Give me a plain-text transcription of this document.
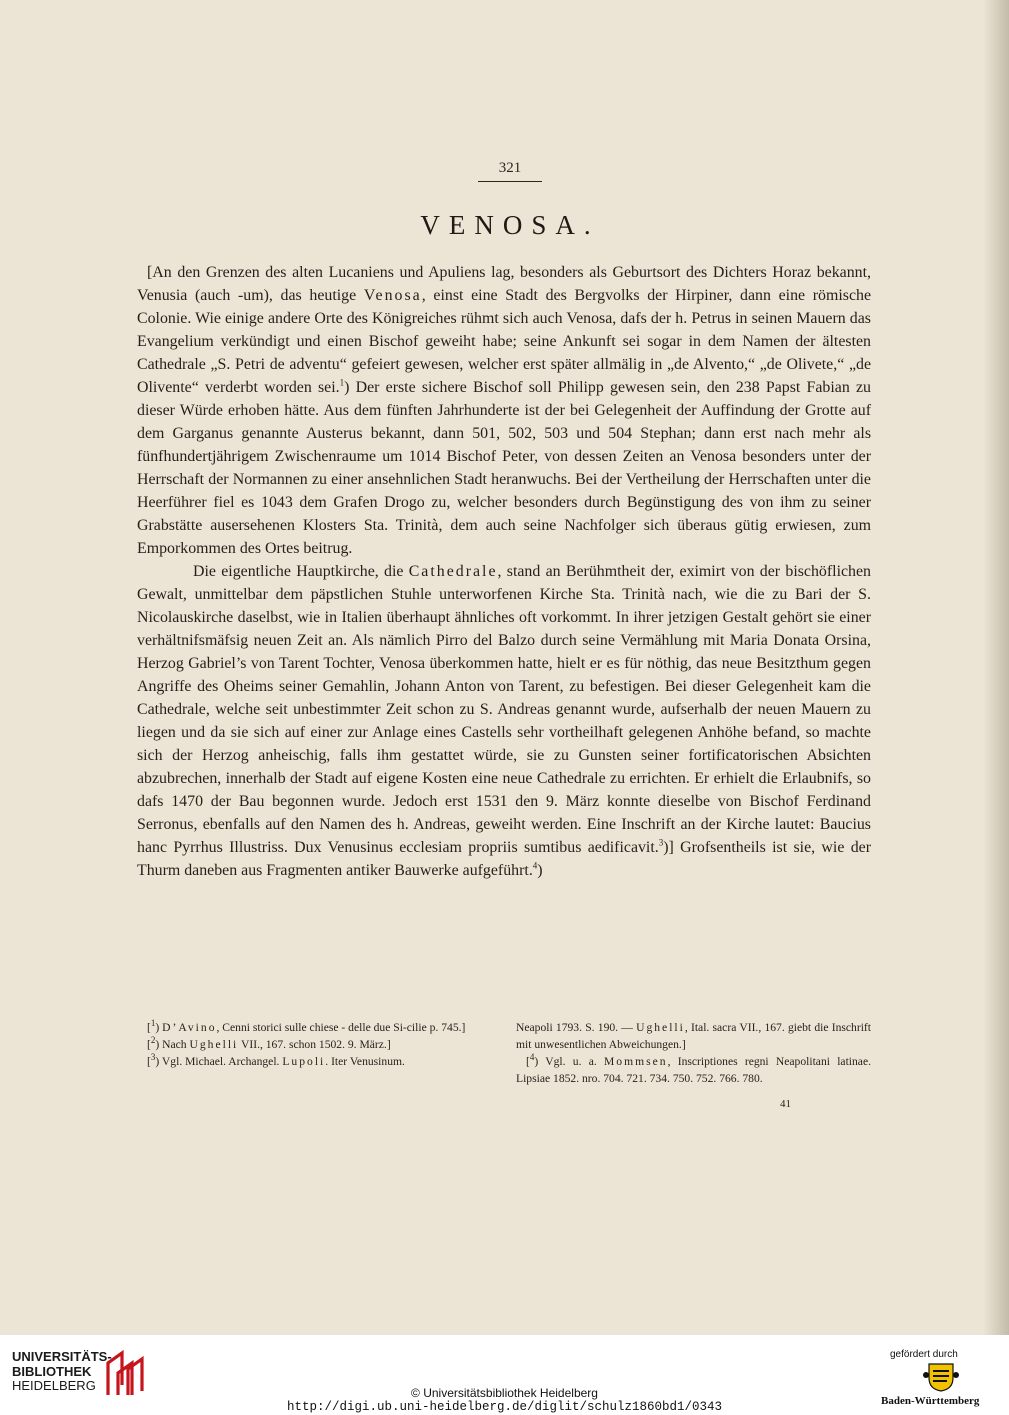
321
VENOSA.

[An den Grenzen des alten Lucaniens und Apuliens lag, besonders als Geburtsort des Dichters Horaz bekannt, Venusia (auch -um), das heutige Venosa, einst eine Stadt des Bergvolks der Hirpiner, dann eine römische Colonie. Wie einige andere Orte des Königreiches rühmt sich auch Venosa, dafs der h. Petrus in seinen Mauern das Evangelium verkündigt und einen Bischof geweiht habe; seine Ankunft sei sogar in dem Namen der ältesten Cathedrale „S. Petri de adventu“ gefeiert gewesen, welcher erst später allmälig in „de Alvento,“ „de Olivete,“ „de Olivente“ verderbt worden sei.$^1$) Der erste sichere Bischof soll Philipp gewesen sein, den 238 Papst Fabian zu dieser Würde erhoben hätte. Aus dem fünften Jahrhunderte ist der bei Gelegenheit der Auffindung der Grotte auf dem Garganus genannte Austerus bekannt, dann 501, 502, 503 und 504 Stephan; dann erst nach mehr als fünfhundertjährigem Zwischenraume um 1014 Bischof Peter, von dessen Zeiten an Venosa besonders unter der Herrschaft der Normannen zu einer ansehnlichen Stadt heranwuchs. Bei der Vertheilung der Herrschaften unter die Heerführer fiel es 1043 dem Grafen Drogo zu, welcher besonders durch Begünstigung des von ihm zu seiner Grabstätte ausersehenen Klosters Sta. Trinità, dem auch seine Nachfolger sich überaus gütig erwiesen, zum Emporkommen des Ortes beitrug.

Die eigentliche Hauptkirche, die Cathedrale, stand an Berühmtheit der, eximirt von der bischöflichen Gewalt, unmittelbar dem päpstlichen Stuhle unterworfenen Kirche Sta. Trinità nach, wie die zu Bari der S. Nicolauskirche daselbst, wie in Italien überhaupt ähnliches oft vorkommt. In ihrer jetzigen Gestalt gehört sie einer verhältnifsmäfsig neuen Zeit an. Als nämlich Pirro del Balzo durch seine Vermählung mit Maria Donata Orsina, Herzog Gabriel’s von Tarent Tochter, Venosa überkommen hatte, hielt er es für nöthig, das neue Besitzthum gegen Angriffe des Oheims seiner Gemahlin, Johann Anton von Tarent, zu befestigen. Bei dieser Gelegenheit kam die Cathedrale, welche seit unbestimmter Zeit schon zu S. Andreas genannt wurde, aufserhalb der neuen Mauern zu liegen und da sie sich auf einer zur Anlage eines Castells sehr vortheilhaft gelegenen Anhöhe befand, so machte sich der Herzog anheischig, falls ihm gestattet würde, sie zu Gunsten seiner fortificatorischen Absichten abzubrechen, innerhalb der Stadt auf eigene Kosten eine neue Cathedrale zu errichten. Er erhielt die Erlaubnifs, so dafs 1470 der Bau begonnen wurde. Jedoch erst 1531 den 9. März konnte dieselbe von Bischof Ferdinand Serronus, ebenfalls auf den Namen des h. Andreas, geweiht werden. Eine Inschrift an der Kirche lautet: Baucius hanc Pyrrhus Illustriss. Dux Venusinus ecclesiam propriis sumtibus aedificavit.$^3$)] Grofsentheils ist sie, wie der Thurm daneben aus Fragmenten antiker Bauwerke aufgeführt.$^4$)

[$^1$) D’Avino, Cenni storici sulle chiese - delle due Si-cilie p. 745.]

[$^2$) Nach Ughelli VII., 167. schon 1502. 9. März.]

[$^3$) Vgl. Michael. Archangel. Lupoli. Iter Venusinum.

Neapoli 1793. S. 190. — Ughelli, Ital. sacra VII., 167. giebt die Inschrift mit unwesentlichen Abweichungen.]

[$^4$) Vgl. u. a. Mommsen, Inscriptiones regni Neapolitani latinae. Lipsiae 1852. nro. 704. 721. 734. 750. 752. 766. 780.

41
UNIVERSITÄTS-
BIBLIOTHEK
HEIDELBERG	© Universitätsbibliothek Heidelberg
http://digi.ub.uni-heidelberg.de/diglit/schulz1860bd1/0343
gefördert durch
Baden-Württemberg
